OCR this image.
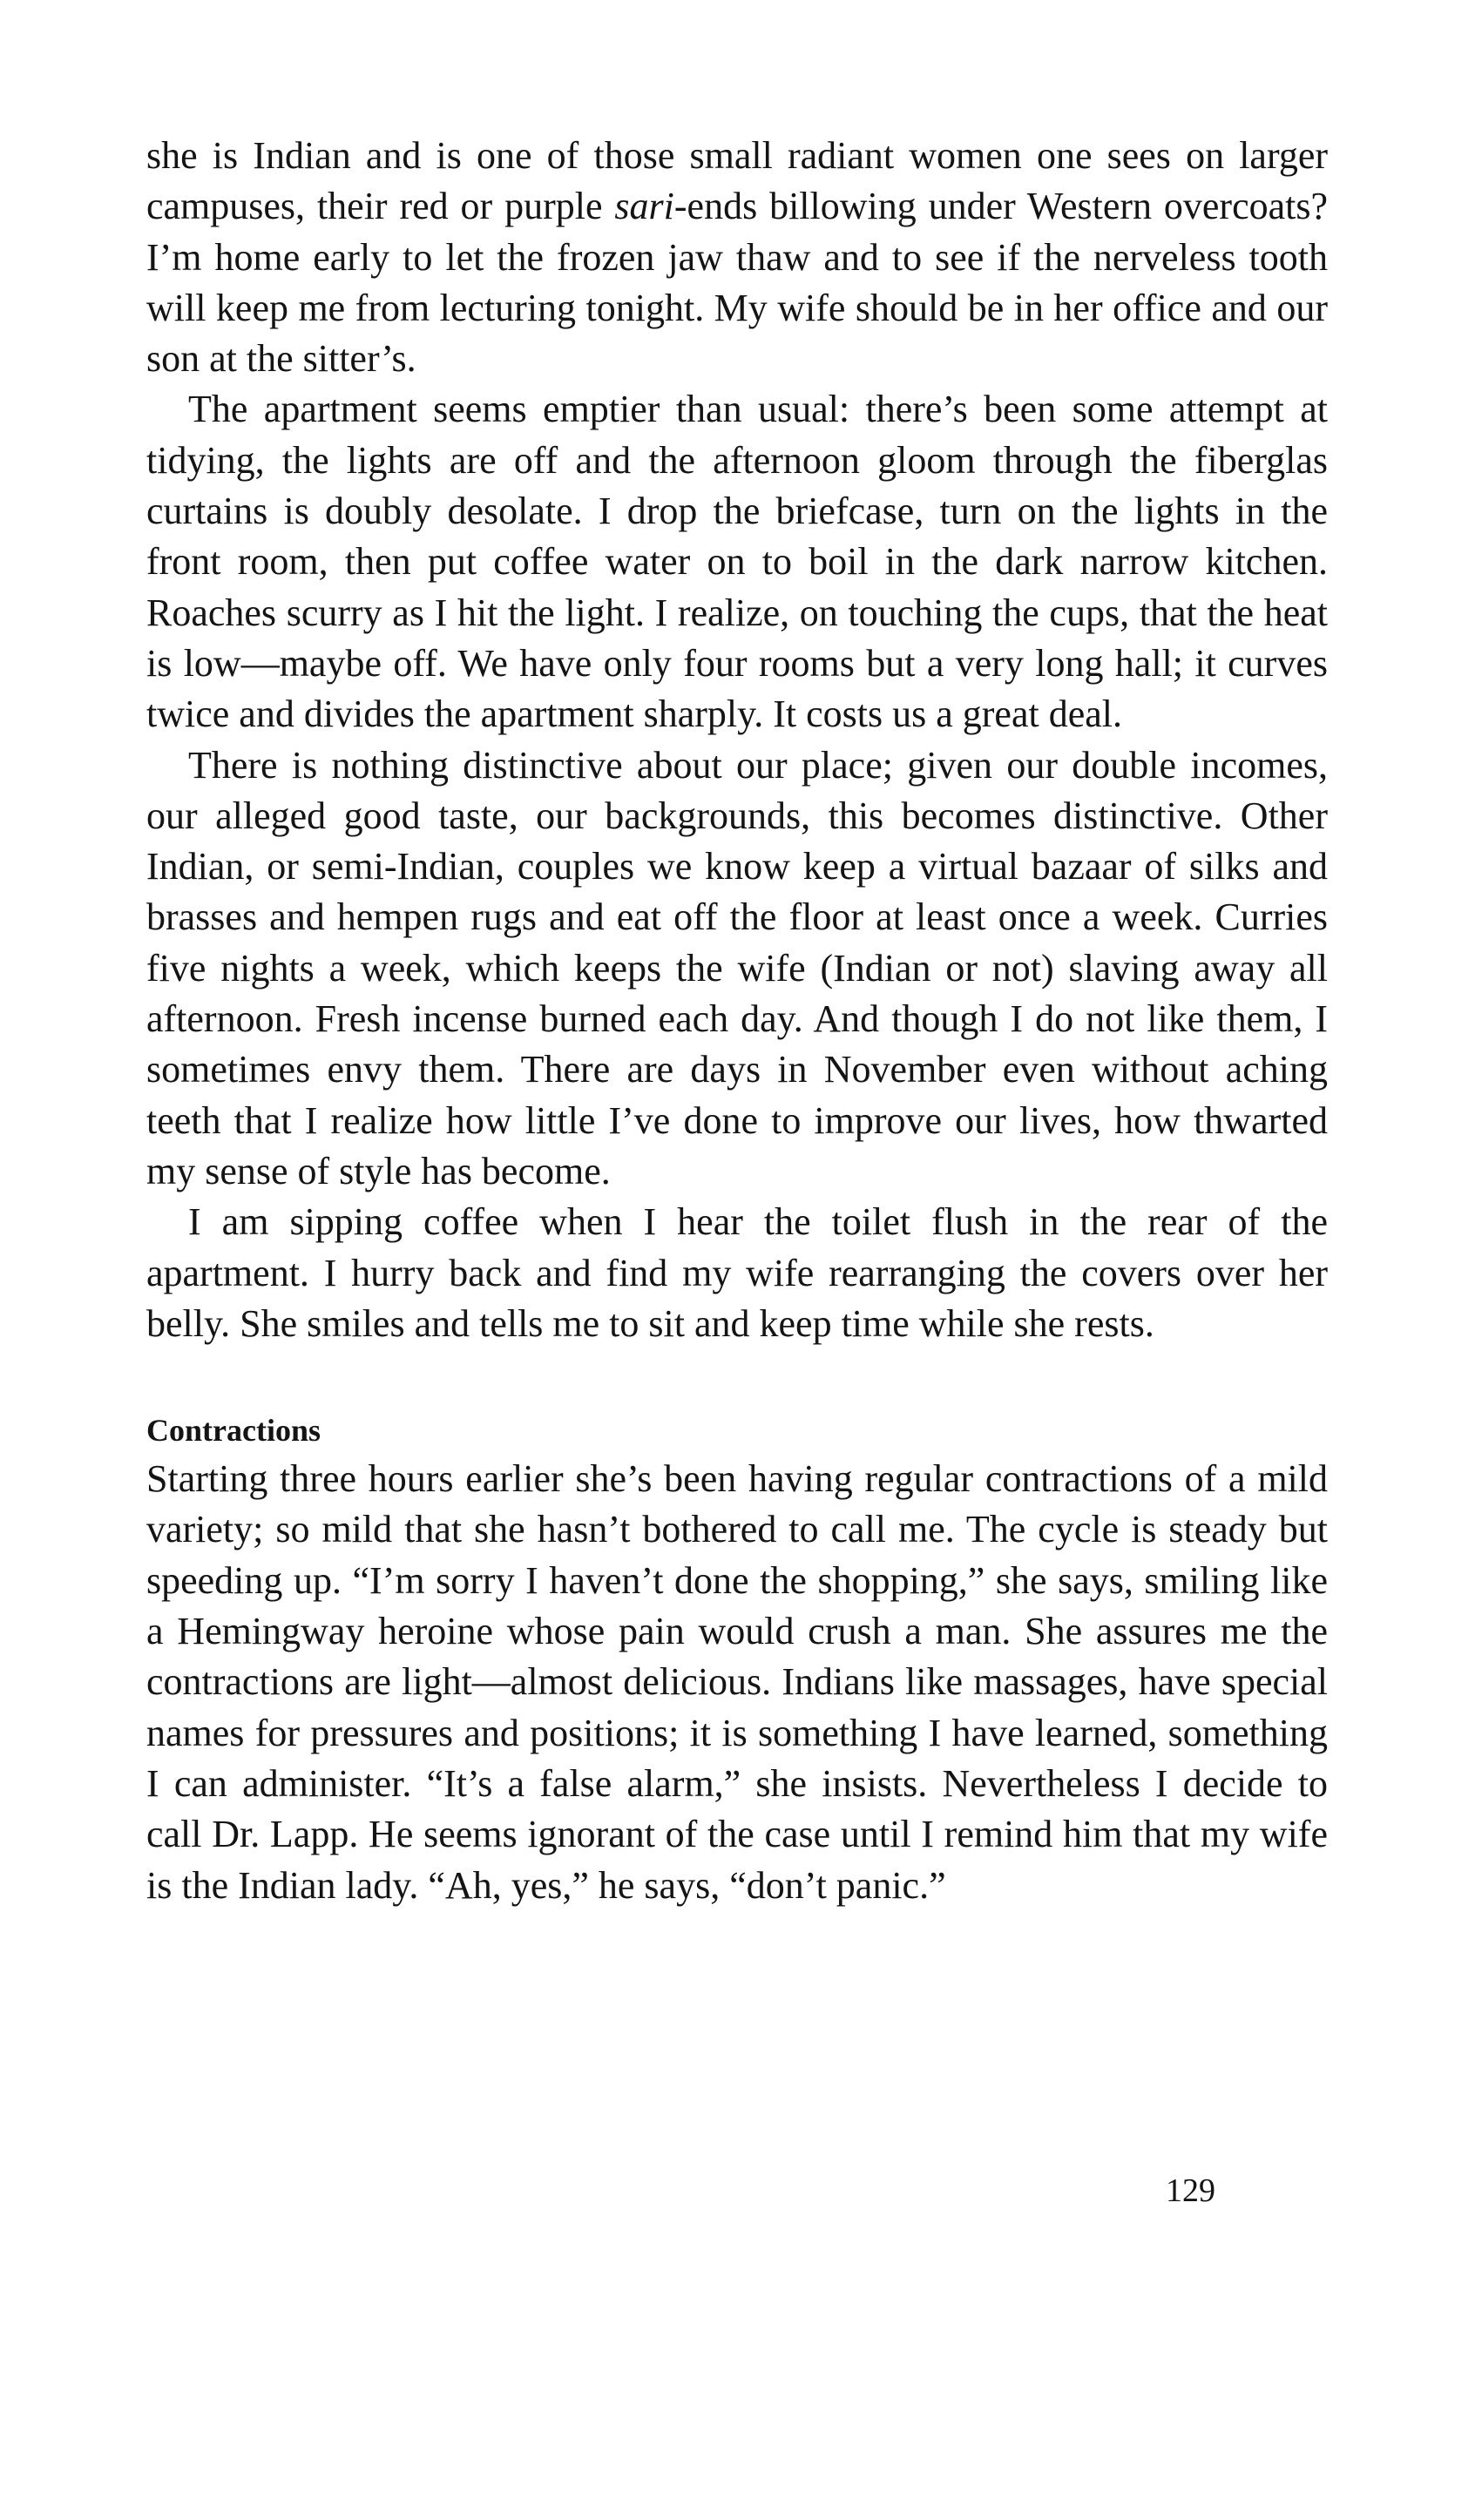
she is Indian and is one of those small radiant women one sees on larger campuses, their red or purple sari-ends billowing under Western overcoats? I’m home early to let the frozen jaw thaw and to see if the nerveless tooth will keep me from lecturing tonight. My wife should be in her office and our son at the sitter’s.

The apartment seems emptier than usual: there’s been some attempt at tidying, the lights are off and the afternoon gloom through the fiberglas curtains is doubly desolate. I drop the briefcase, turn on the lights in the front room, then put coffee water on to boil in the dark narrow kitchen. Roaches scurry as I hit the light. I realize, on touching the cups, that the heat is low—maybe off. We have only four rooms but a very long hall; it curves twice and divides the apartment sharply. It costs us a great deal.

There is nothing distinctive about our place; given our double incomes, our alleged good taste, our backgrounds, this becomes distinctive. Other Indian, or semi-Indian, couples we know keep a virtual bazaar of silks and brasses and hempen rugs and eat off the floor at least once a week. Curries five nights a week, which keeps the wife (Indian or not) slaving away all afternoon. Fresh incense burned each day. And though I do not like them, I sometimes envy them. There are days in November even without aching teeth that I realize how little I’ve done to improve our lives, how thwarted my sense of style has become.

I am sipping coffee when I hear the toilet flush in the rear of the apartment. I hurry back and find my wife rearranging the covers over her belly. She smiles and tells me to sit and keep time while she rests.

Contractions

Starting three hours earlier she’s been having regular contractions of a mild variety; so mild that she hasn’t bothered to call me. The cycle is steady but speeding up. “I’m sorry I haven’t done the shopping,” she says, smiling like a Hemingway heroine whose pain would crush a man. She assures me the contractions are light—almost delicious. Indians like massages, have special names for pressures and positions; it is something I have learned, something I can administer. “It’s a false alarm,” she insists. Nevertheless I decide to call Dr. Lapp. He seems ignorant of the case until I remind him that my wife is the Indian lady. “Ah, yes,” he says, “don’t panic.”

129
